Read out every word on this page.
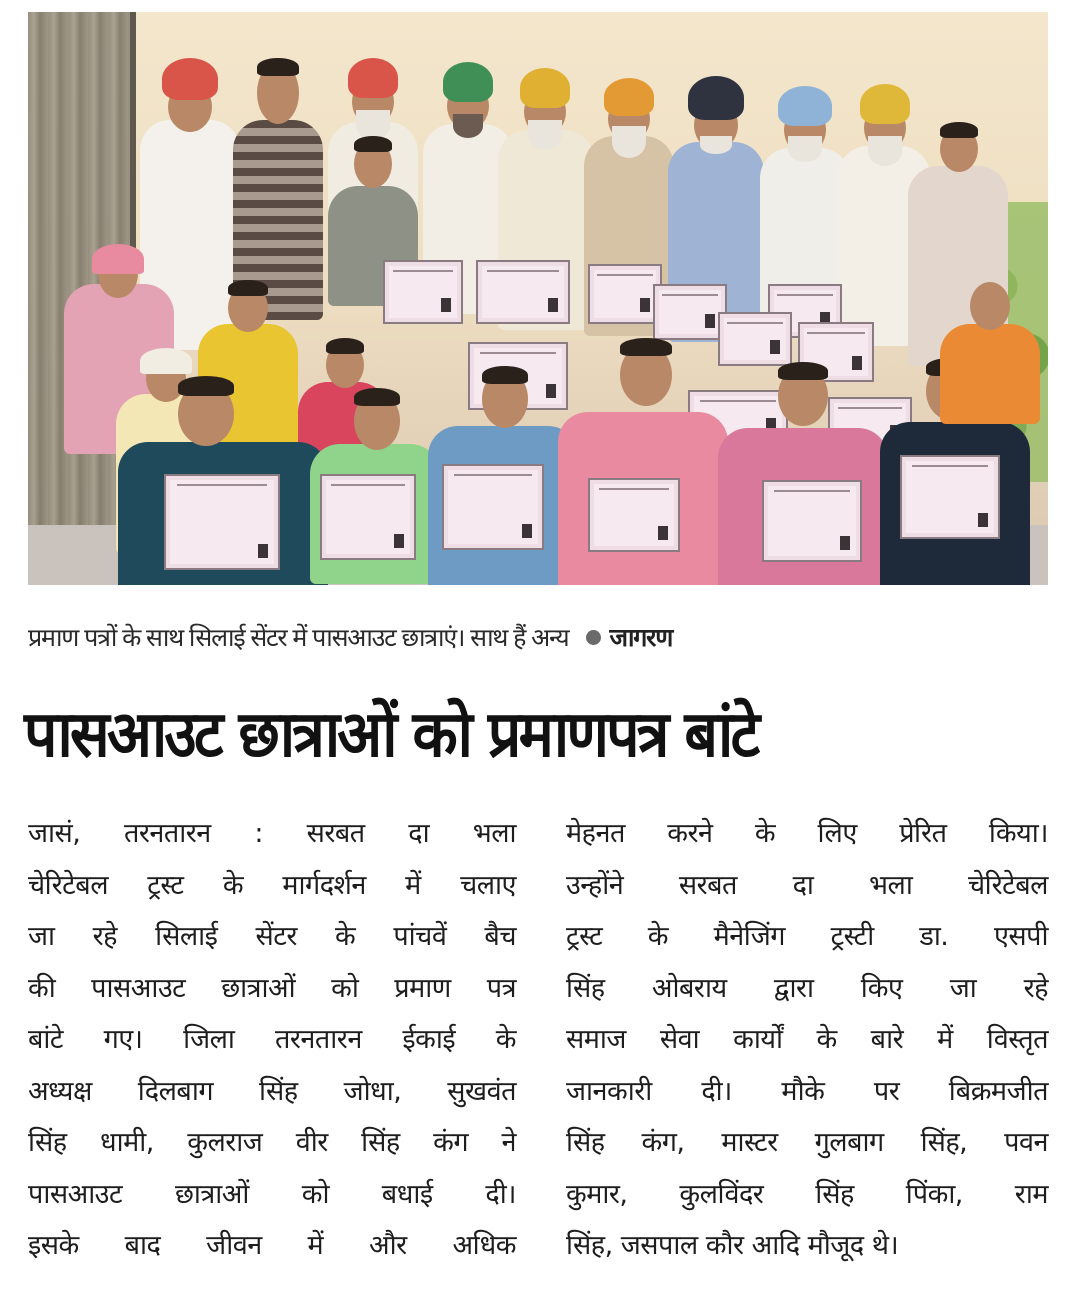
प्रमाण पत्रों के साथ सिलाई सेंटर में पासआउट छात्राएं। साथ हैं अन्य जागरण
पासआउट छात्राओं को प्रमाणपत्र बांटे
जासं, तरनतारन : सरबत दा भला
चेरिटेबल ट्रस्ट के मार्गदर्शन में चलाए
जा रहे सिलाई सेंटर के पांचवें बैच
की पासआउट छात्राओं को प्रमाण पत्र
बांटे गए। जिला तरनतारन ईकाई के
अध्यक्ष दिलबाग सिंह जोधा, सुखवंत
सिंह धामी, कुलराज वीर सिंह कंग ने
पासआउट छात्राओं को बधाई दी।
इसके बाद जीवन में और अधिक
मेहनत करने के लिए प्रेरित किया।
उन्होंने सरबत दा भला चेरिटेबल
ट्रस्ट के मैनेजिंग ट्रस्टी डा. एसपी
सिंह ओबराय द्वारा किए जा रहे
समाज सेवा कार्यों के बारे में विस्तृत
जानकारी दी। मौके पर बिक्रमजीत
सिंह कंग, मास्टर गुलबाग सिंह, पवन
कुमार, कुलविंदर सिंह पिंका, राम
सिंह, जसपाल कौर आदि मौजूद थे।
